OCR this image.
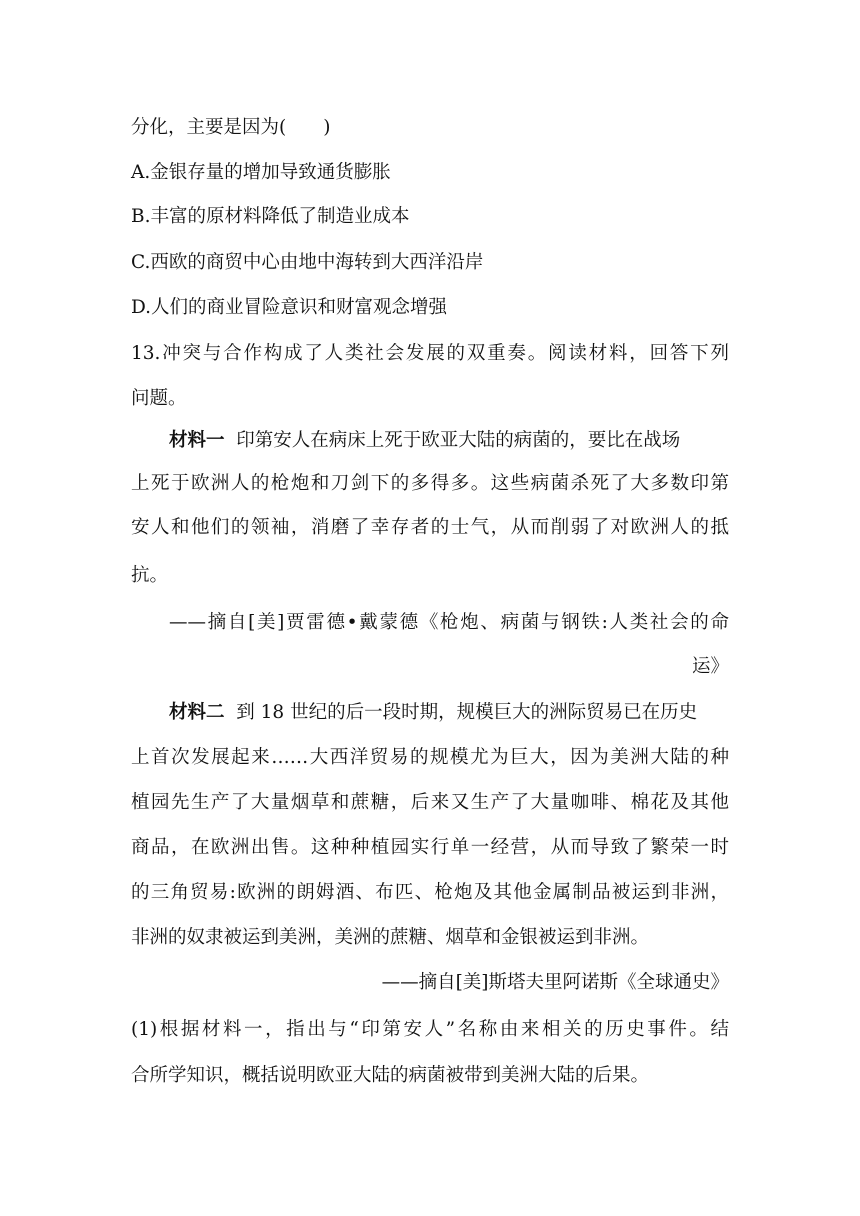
分化，主要是因为(　　)
A.金银存量的增加导致通货膨胀
B.丰富的原材料降低了制造业成本
C.西欧的商贸中心由地中海转到大西洋沿岸
D.人们的商业冒险意识和财富观念增强
13.冲突与合作构成了人类社会发展的双重奏。阅读材料，回答下列
问题。
材料一 印第安人在病床上死于欧亚大陆的病菌的，要比在战场
上死于欧洲人的枪炮和刀剑下的多得多。这些病菌杀死了大多数印第
安人和他们的领袖，消磨了幸存者的士气，从而削弱了对欧洲人的抵
抗。
——摘自[美]贾雷德•戴蒙德《枪炮、病菌与钢铁:人类社会的命
运》
材料二 到 18 世纪的后一段时期，规模巨大的洲际贸易已在历史
上首次发展起来……大西洋贸易的规模尤为巨大，因为美洲大陆的种
植园先生产了大量烟草和蔗糖，后来又生产了大量咖啡、棉花及其他
商品，在欧洲出售。这种种植园实行单一经营，从而导致了繁荣一时
的三角贸易:欧洲的朗姆酒、布匹、枪炮及其他金属制品被运到非洲，
非洲的奴隶被运到美洲，美洲的蔗糖、烟草和金银被运到非洲。
——摘自[美]斯塔夫里阿诺斯《全球通史》
(1)根据材料一，指出与“印第安人”名称由来相关的历史事件。结
合所学知识，概括说明欧亚大陆的病菌被带到美洲大陆的后果。
